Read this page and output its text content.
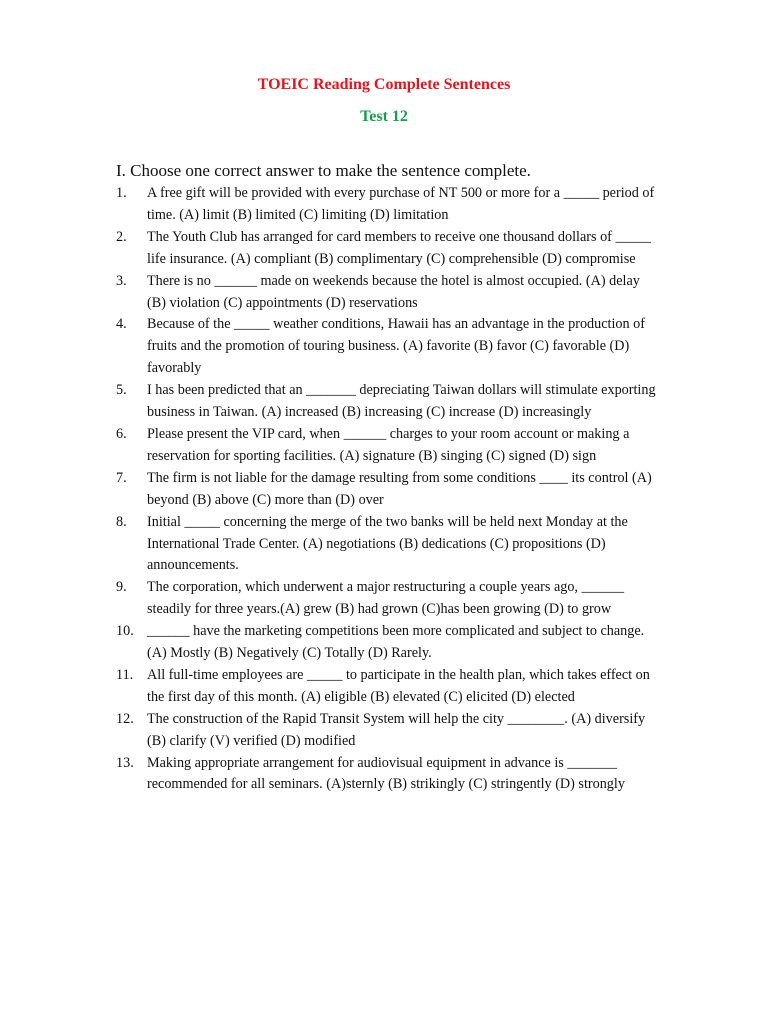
TOEIC Reading Complete Sentences
Test 12
I. Choose one correct answer to make the sentence complete.
1. A free gift will be provided with every purchase of NT 500 or more for a _____ period of time. (A) limit (B) limited (C) limiting (D) limitation
2. The Youth Club has arranged for card members to receive one thousand dollars of _____ life insurance. (A) compliant (B) complimentary (C) comprehensible (D) compromise
3. There is no ______ made on weekends because the hotel is almost occupied. (A) delay (B) violation (C) appointments (D) reservations
4. Because of the _____ weather conditions, Hawaii has an advantage in the production of fruits and the promotion of touring business. (A) favorite (B) favor (C) favorable (D) favorably
5. I has been predicted that an _______ depreciating Taiwan dollars will stimulate exporting business in Taiwan. (A) increased (B) increasing (C) increase (D) increasingly
6. Please present the VIP card, when ______ charges to your room account or making a reservation for sporting facilities. (A) signature (B) singing (C) signed (D) sign
7. The firm is not liable for the damage resulting from some conditions ____ its control (A) beyond (B) above (C) more than (D) over
8. Initial _____ concerning the merge of the two banks will be held next Monday at the International Trade Center. (A) negotiations (B) dedications (C) propositions (D) announcements.
9. The corporation, which underwent a major restructuring a couple years ago, ______ steadily for three years.(A) grew (B) had grown (C)has been growing (D) to grow
10. ______ have the marketing competitions been more complicated and subject to change. (A) Mostly (B) Negatively (C) Totally (D) Rarely.
11. All full-time employees are _____ to participate in the health plan, which takes effect on the first day of this month. (A) eligible (B) elevated (C) elicited (D) elected
12. The construction of the Rapid Transit System will help the city ________. (A) diversify (B) clarify (V) verified (D) modified
13. Making appropriate arrangement for audiovisual equipment in advance is _______ recommended for all seminars. (A)sternly (B) strikingly (C) stringently (D) strongly
